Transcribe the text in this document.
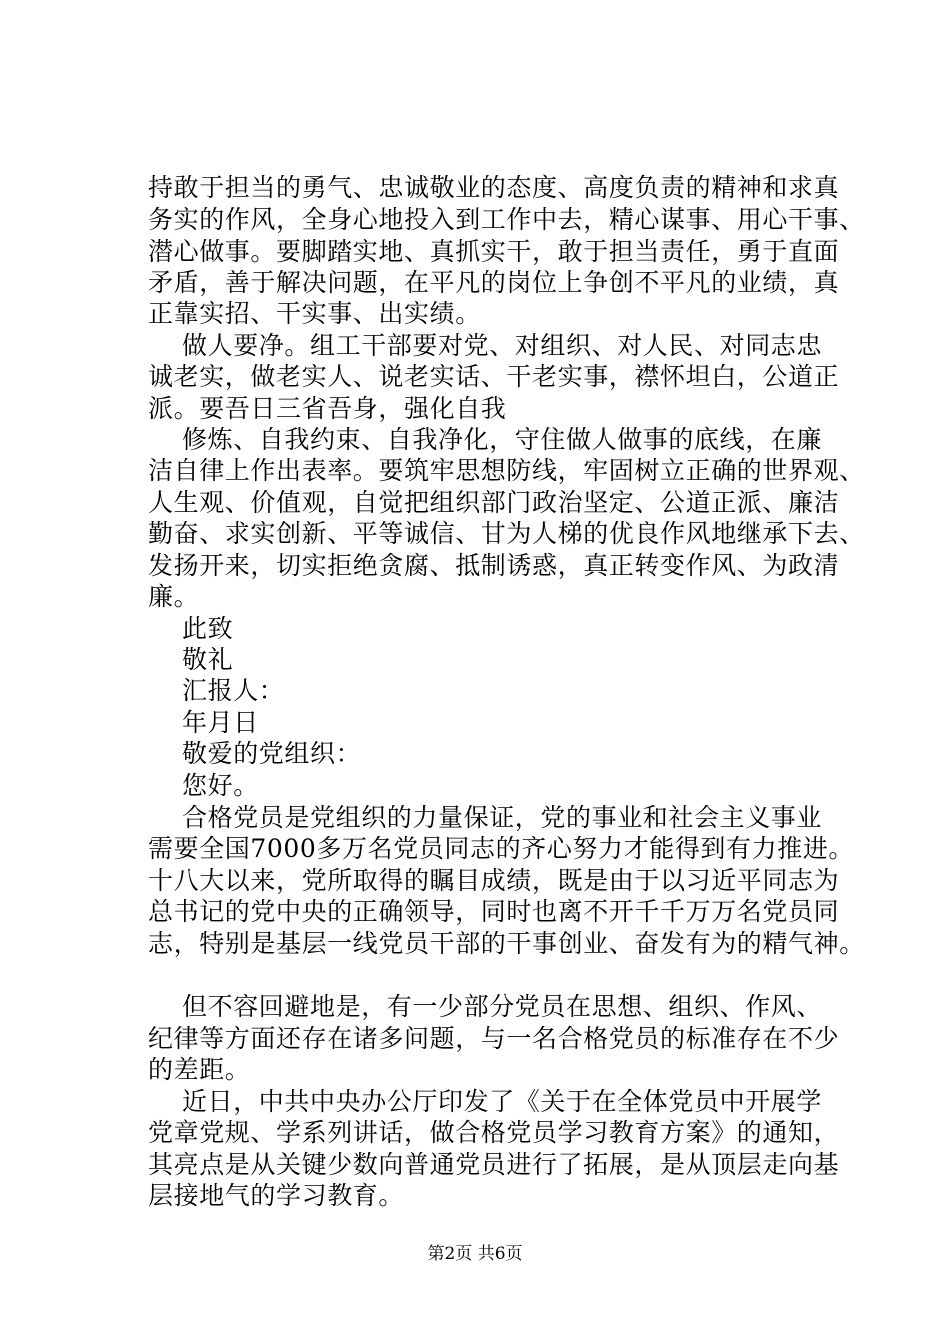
持敢于担当的勇气、忠诚敬业的态度、高度负责的精神和求真
务实的作风，全身心地投入到工作中去，精心谋事、用心干事、
潜心做事。要脚踏实地、真抓实干，敢于担当责任，勇于直面
矛盾，善于解决问题，在平凡的岗位上争创不平凡的业绩，真
正靠实招、干实事、出实绩。
做人要净。组工干部要对党、对组织、对人民、对同志忠
诚老实，做老实人、说老实话、干老实事，襟怀坦白，公道正
派。要吾日三省吾身，强化自我
修炼、自我约束、自我净化，守住做人做事的底线，在廉
洁自律上作出表率。要筑牢思想防线，牢固树立正确的世界观、
人生观、价值观，自觉把组织部门政治坚定、公道正派、廉洁
勤奋、求实创新、平等诚信、甘为人梯的优良作风地继承下去、
发扬开来，切实拒绝贪腐、抵制诱惑，真正转变作风、为政清
廉。
此致
敬礼
汇报人：
年月日
敬爱的党组织：
您好。
合格党员是党组织的力量保证，党的事业和社会主义事业
需要全国7000多万名党员同志的齐心努力才能得到有力推进。
十八大以来，党所取得的瞩目成绩，既是由于以习近平同志为
总书记的党中央的正确领导，同时也离不开千千万万名党员同
志，特别是基层一线党员干部的干事创业、奋发有为的精气神。
但不容回避地是，有一少部分党员在思想、组织、作风、
纪律等方面还存在诸多问题，与一名合格党员的标准存在不少
的差距。
近日，中共中央办公厅印发了《关于在全体党员中开展学
党章党规、学系列讲话，做合格党员学习教育方案》的通知，
其亮点是从关键少数向普通党员进行了拓展，是从顶层走向基
层接地气的学习教育。
第2页 共6页
